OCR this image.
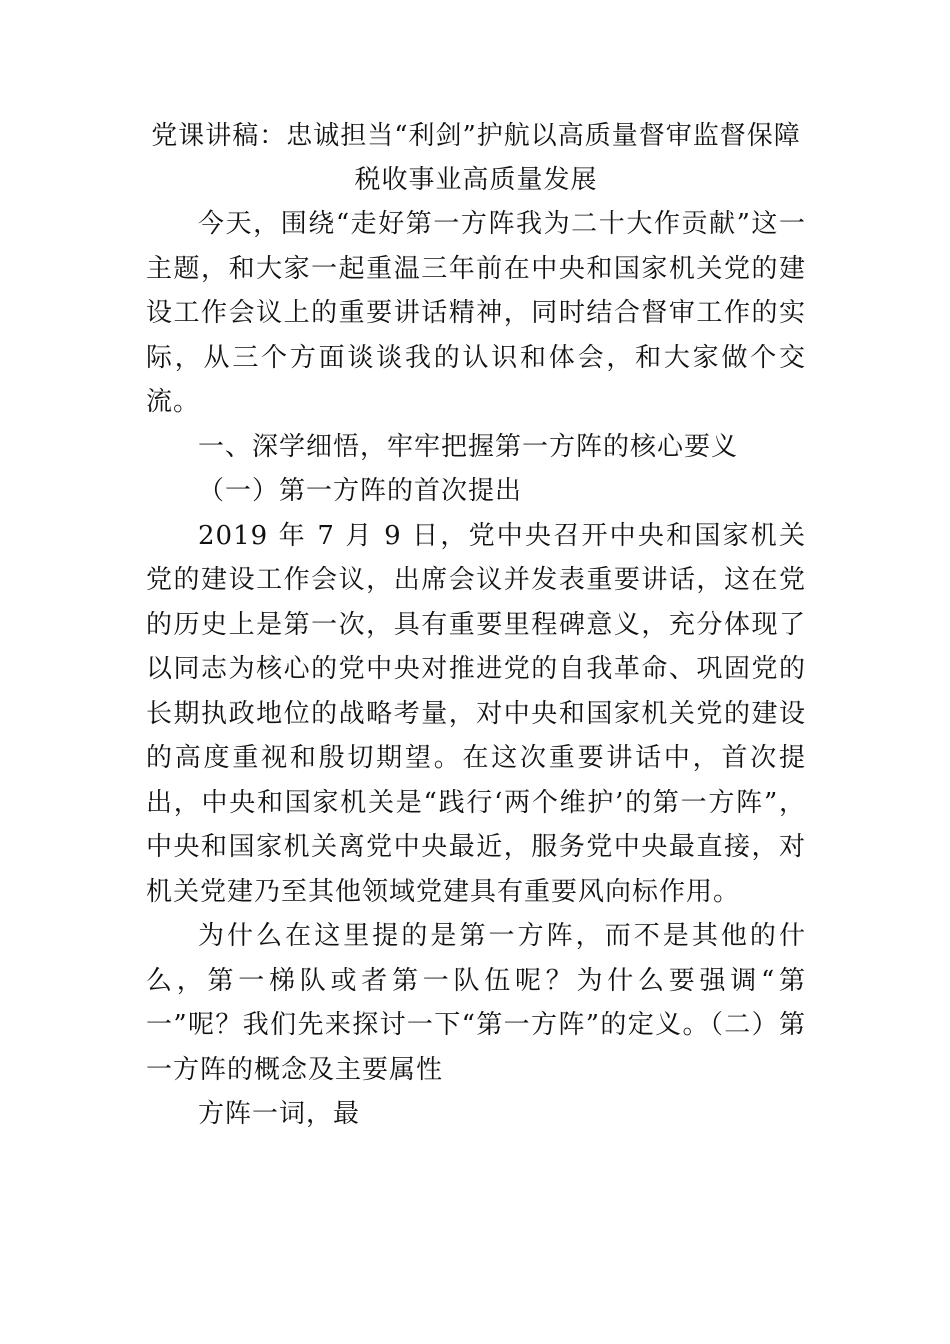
党课讲稿：忠诚担当“利剑”护航以高质量督审监督保障
税收事业高质量发展

今天，围绕“走好第一方阵我为二十大作贡献”这一主题，和大家一起重温三年前在中央和国家机关党的建设工作会议上的重要讲话精神，同时结合督审工作的实际，从三个方面谈谈我的认识和体会，和大家做个交流。

一、深学细悟，牢牢把握第一方阵的核心要义

（一）第一方阵的首次提出

2019 年 7 月 9 日，党中央召开中央和国家机关党的建设工作会议，出席会议并发表重要讲话，这在党的历史上是第一次，具有重要里程碑意义，充分体现了以同志为核心的党中央对推进党的自我革命、巩固党的长期执政地位的战略考量，对中央和国家机关党的建设的高度重视和殷切期望。在这次重要讲话中，首次提出，中央和国家机关是“践行‘两个维护’的第一方阵”，中央和国家机关离党中央最近，服务党中央最直接，对机关党建乃至其他领域党建具有重要风向标作用。

为什么在这里提的是第一方阵，而不是其他的什么，第一梯队或者第一队伍呢？为什么要强调“第一”呢？我们先来探讨一下“第一方阵”的定义。（二）第一方阵的概念及主要属性

方阵一词，最
